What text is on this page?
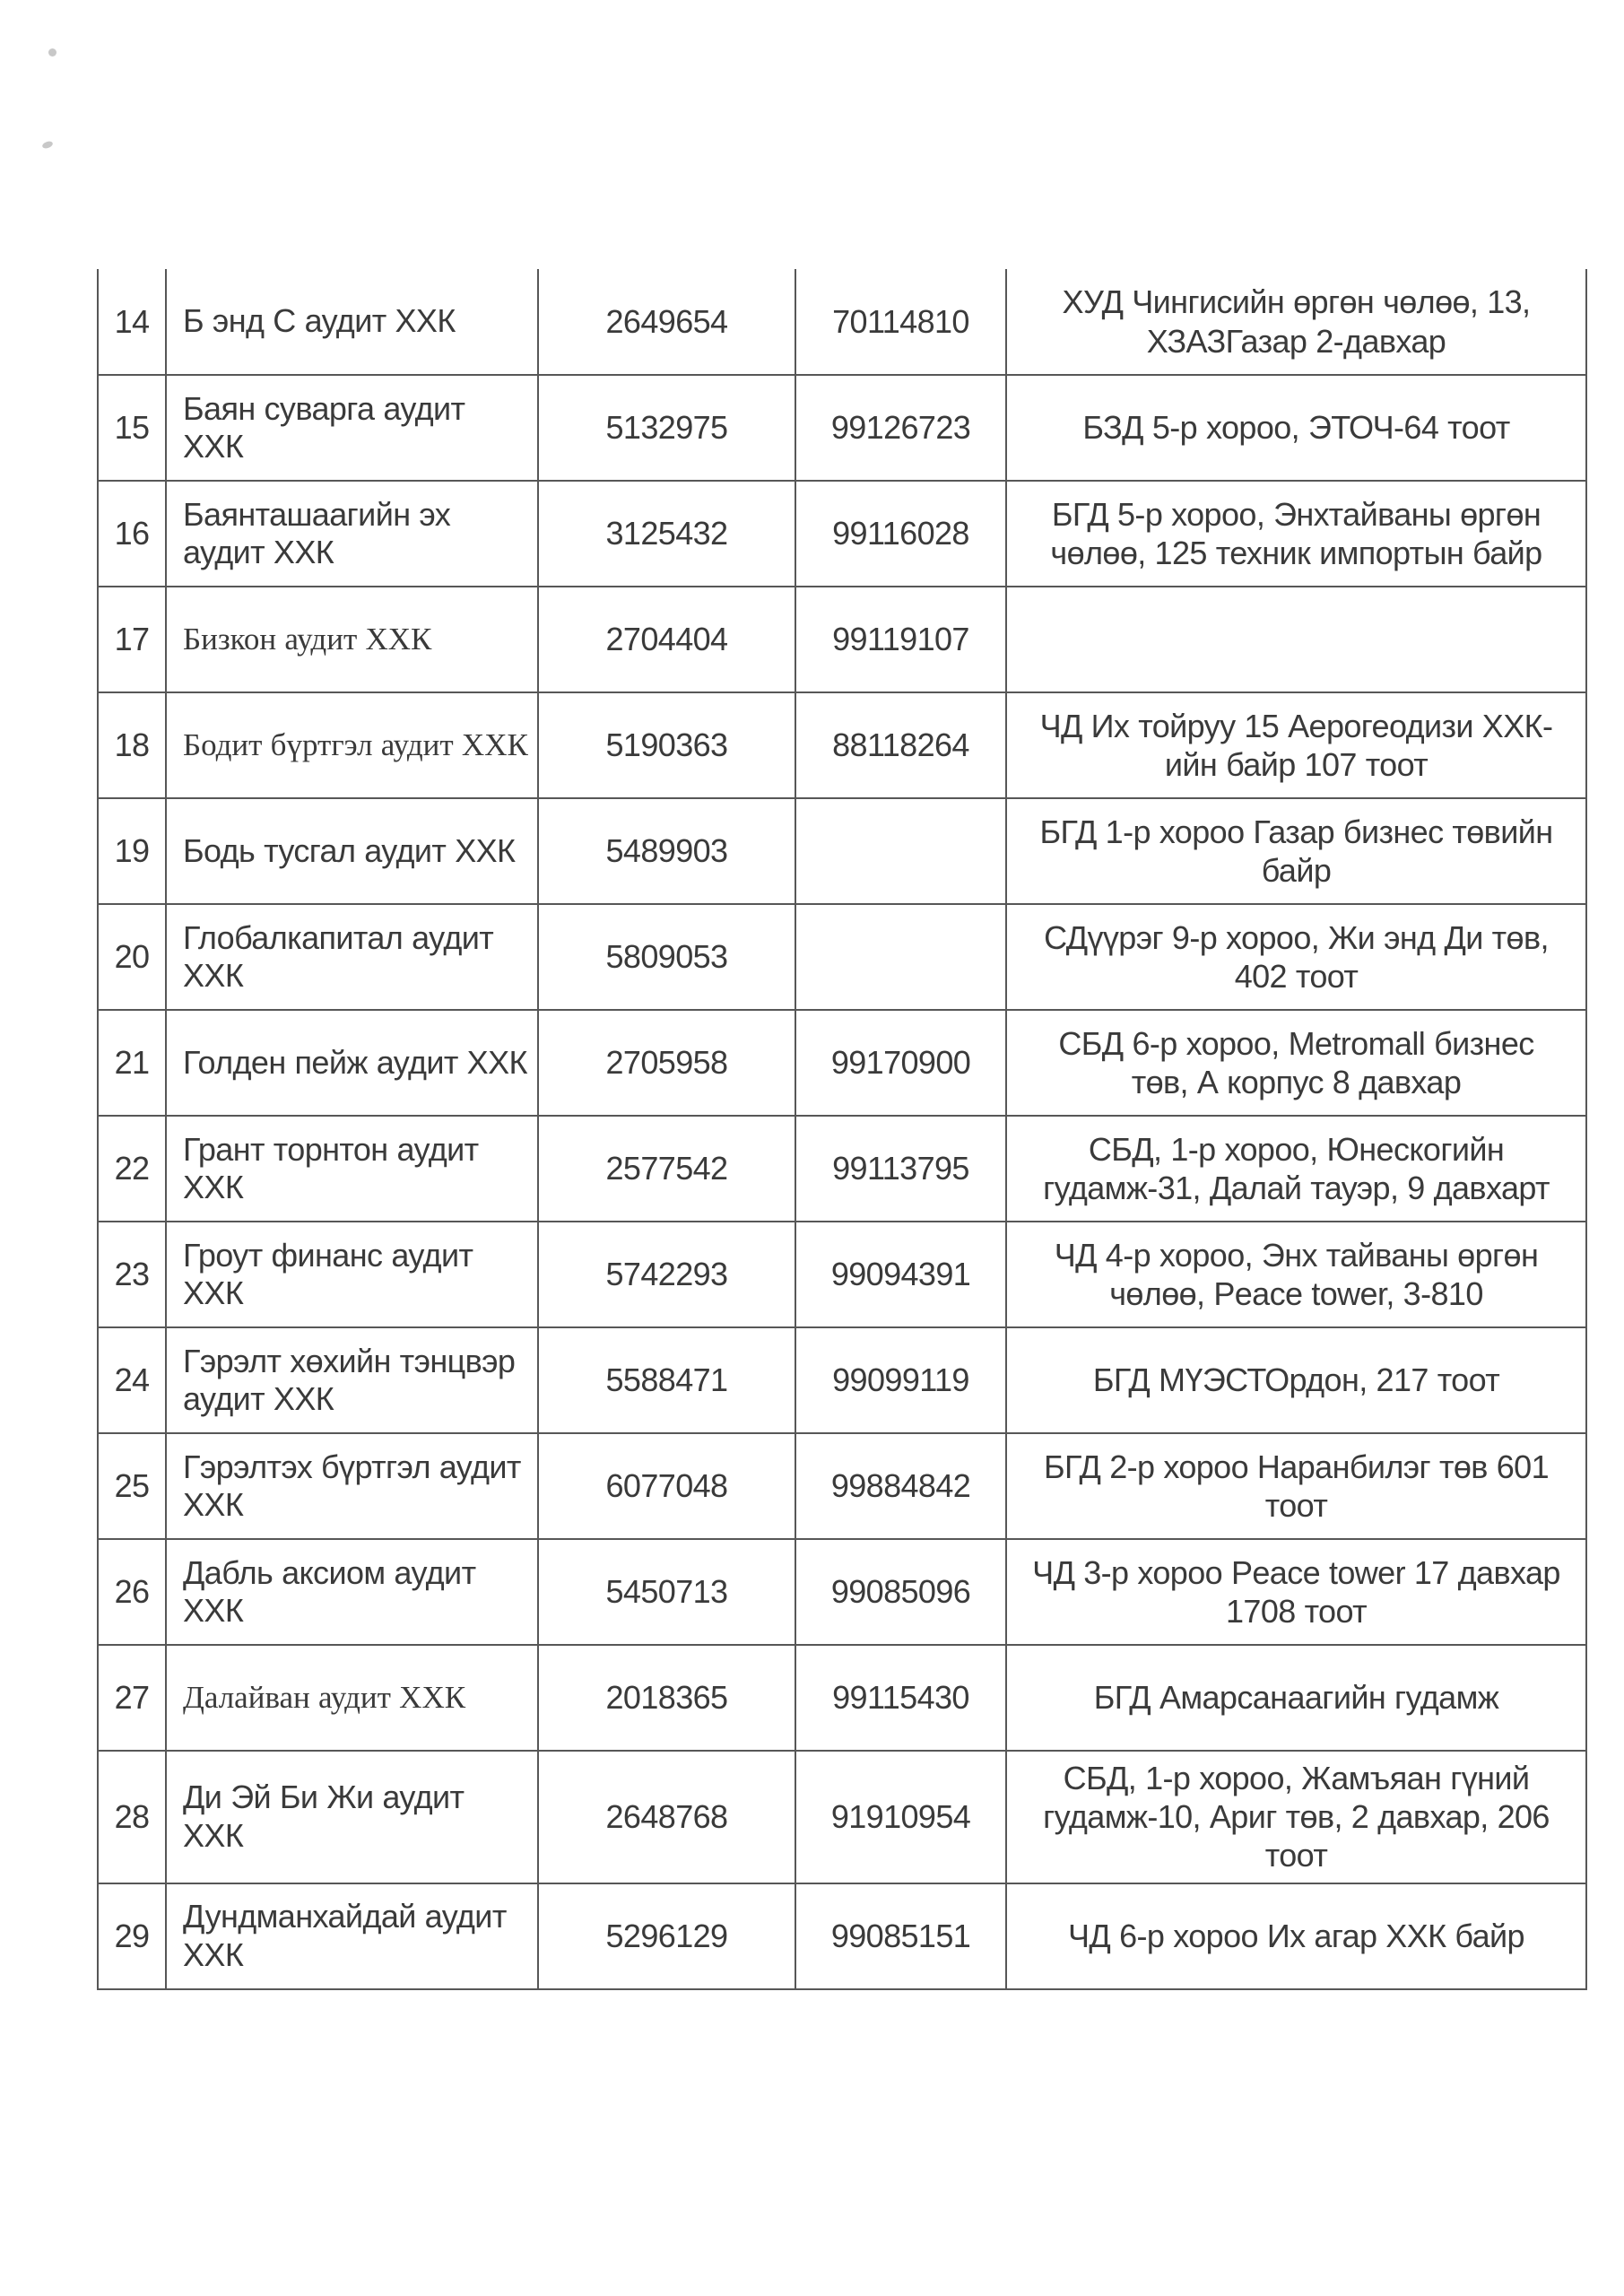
14	Б энд С аудит ХХК	2649654	70114810	ХУД Чингисийн өргөн чөлөө, 13, ХЗАЗГазар 2-давхар
15	Баян суварга аудит ХХК	5132975	99126723	БЗД 5-р хороо, ЭТОЧ-64 тоот
16	Баянташаагийн эх аудит ХХК	3125432	99116028	БГД 5-р хороо, Энхтайваны өргөн чөлөө, 125 техник импортын байр
17	Бизкон аудит ХХК	2704404	99119107	
18	Бодит бүртгэл аудит ХХК	5190363	88118264	ЧД Их тойруу 15 Аерогеодизи ХХК-ийн байр 107 тоот
19	Бодь тусгал аудит ХХК	5489903		БГД 1-р хороо Газар бизнес төвийн байр
20	Глобалкапитал аудит ХХК	5809053		СДүүрэг 9-р хороо, Жи энд Ди төв, 402 тоот
21	Голден пейж аудит ХХК	2705958	99170900	СБД 6-р хороо, Metromall бизнес төв, А корпус 8 давхар
22	Грант торнтон аудит ХХК	2577542	99113795	СБД, 1-р хороо, Юнескогийн гудамж-31, Далай тауэр, 9 давхарт
23	Гроут финанс аудит ХХК	5742293	99094391	ЧД 4-р хороо, Энх тайваны өргөн чөлөө, Peace tower, 3-810
24	Гэрэлт хөхийн тэнцвэр аудит ХХК	5588471	99099119	БГД МҮЭСТОрдон, 217 тоот
25	Гэрэлтэх бүртгэл аудит ХХК	6077048	99884842	БГД 2-р хороо Наранбилэг төв 601 тоот
26	Дабль аксиом аудит ХХК	5450713	99085096	ЧД 3-р хороо Peace tower 17 давхар 1708 тоот
27	Далайван аудит ХХК	2018365	99115430	БГД Амарсанаагийн гудамж
28	Ди Эй Би Жи аудит ХХК	2648768	91910954	СБД, 1-р хороо, Жамъяан гүний гудамж-10, Ариг төв, 2 давхар, 206 тоот
29	Дундманхайдай аудит ХХК	5296129	99085151	ЧД 6-р хороо Их агар ХХК байр
